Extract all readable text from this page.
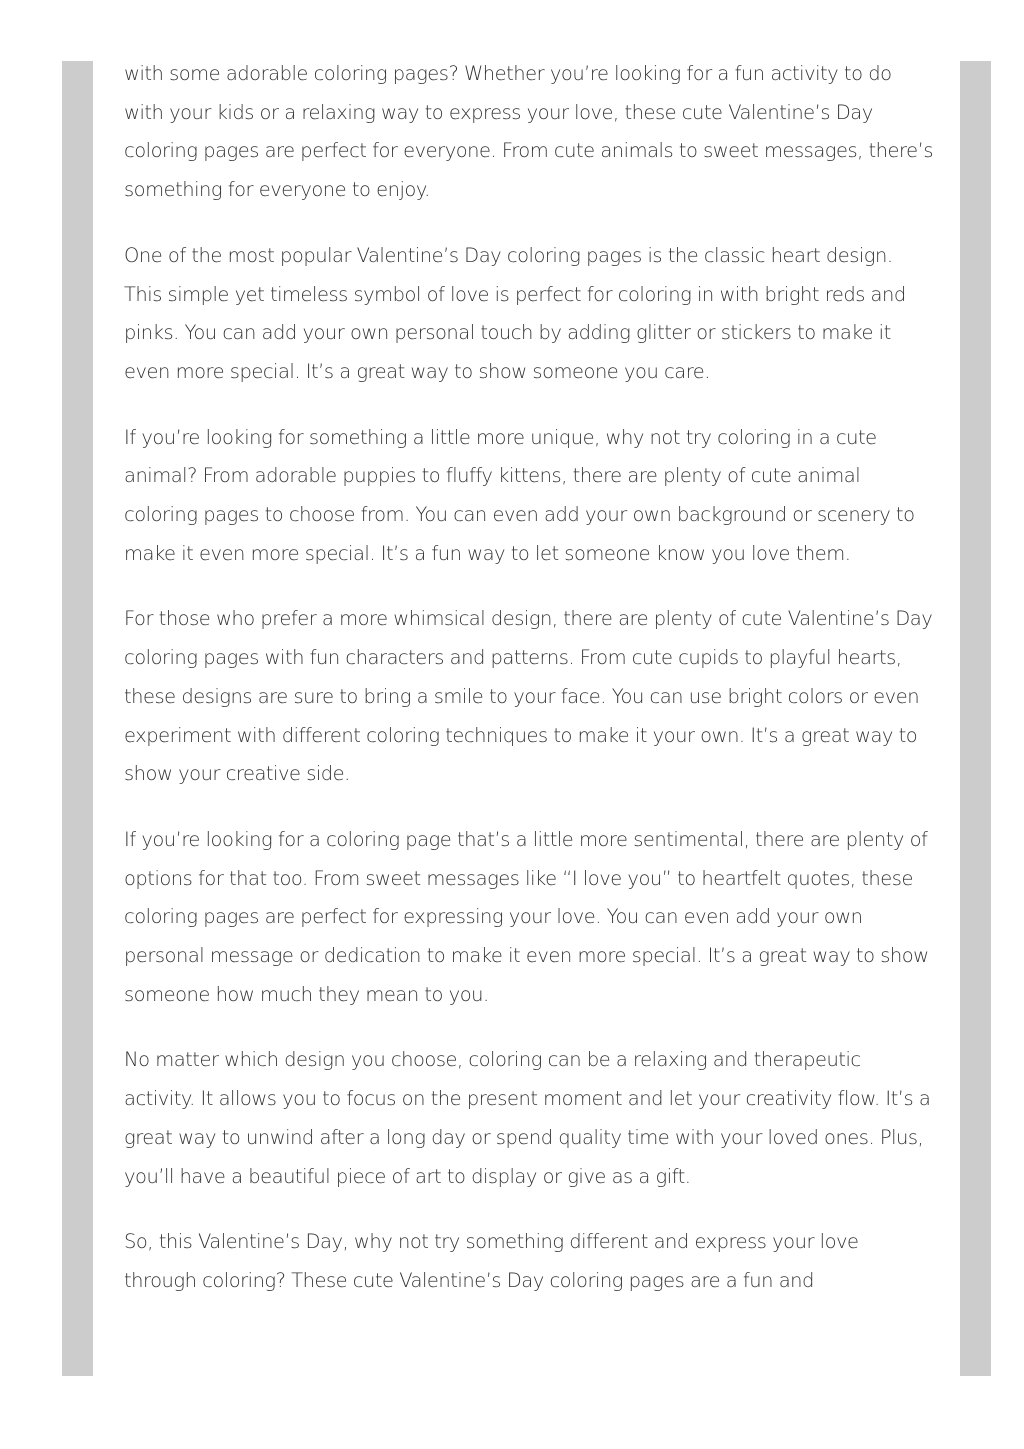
with some adorable coloring pages? Whether you’re looking for a fun activity to do with your kids or a relaxing way to express your love, these cute Valentine’s Day coloring pages are perfect for everyone. From cute animals to sweet messages, there’s something for everyone to enjoy.

One of the most popular Valentine’s Day coloring pages is the classic heart design. This simple yet timeless symbol of love is perfect for coloring in with bright reds and pinks. You can add your own personal touch by adding glitter or stickers to make it even more special. It’s a great way to show someone you care.

If you’re looking for something a little more unique, why not try coloring in a cute animal? From adorable puppies to fluffy kittens, there are plenty of cute animal coloring pages to choose from. You can even add your own background or scenery to make it even more special. It’s a fun way to let someone know you love them.

For those who prefer a more whimsical design, there are plenty of cute Valentine’s Day coloring pages with fun characters and patterns. From cute cupids to playful hearts, these designs are sure to bring a smile to your face. You can use bright colors or even experiment with different coloring techniques to make it your own. It’s a great way to show your creative side.

If you’re looking for a coloring page that’s a little more sentimental, there are plenty of options for that too. From sweet messages like “I love you” to heartfelt quotes, these coloring pages are perfect for expressing your love. You can even add your own personal message or dedication to make it even more special. It’s a great way to show someone how much they mean to you.

No matter which design you choose, coloring can be a relaxing and therapeutic activity. It allows you to focus on the present moment and let your creativity flow. It’s a great way to unwind after a long day or spend quality time with your loved ones. Plus, you’ll have a beautiful piece of art to display or give as a gift.

So, this Valentine’s Day, why not try something different and express your love through coloring? These cute Valentine’s Day coloring pages are a fun and
